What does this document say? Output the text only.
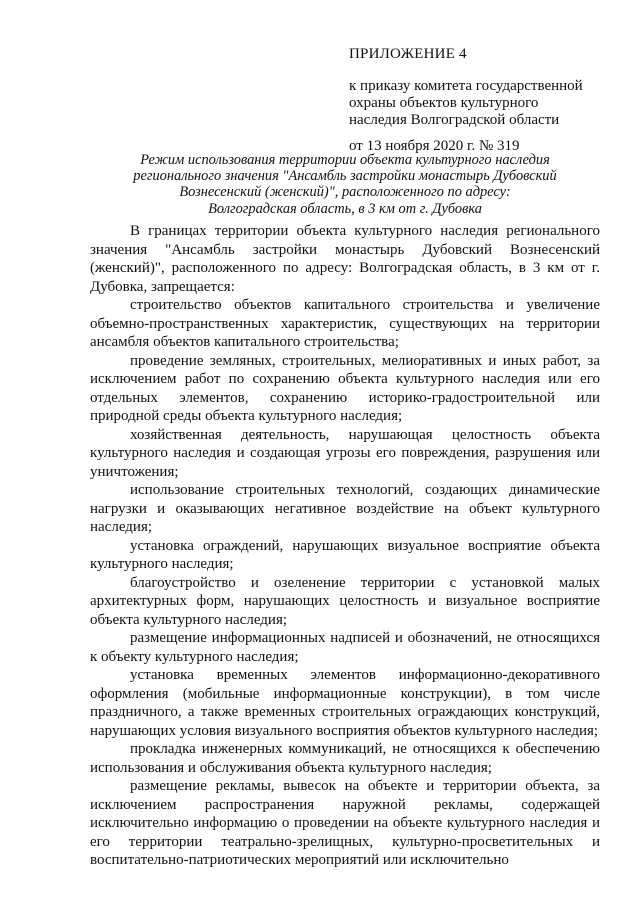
ПРИЛОЖЕНИЕ 4
к приказу комитета государственной
охраны объектов культурного
наследия Волгоградской области
от 13 ноября 2020 г. № 319
Режим использования территории объекта культурного наследия
регионального значения "Ансамбль застройки монастырь Дубовский
Вознесенский (женский)", расположенного по адресу:
Волгоградская область, в 3 км от г. Дубовка

В границах территории объекта культурного наследия регионального значения "Ансамбль застройки монастырь Дубовский Вознесенский (женский)", расположенного по адресу: Волгоградская область, в 3 км от г. Дубовка, запрещается:

строительство объектов капитального строительства и увеличение объемно-пространственных характеристик, существующих на территории ансамбля объектов капитального строительства;

проведение земляных, строительных, мелиоративных и иных работ, за исключением работ по сохранению объекта культурного наследия или его отдельных элементов, сохранению историко-градостроительной или природной среды объекта культурного наследия;

хозяйственная деятельность, нарушающая целостность объекта культурного наследия и создающая угрозы его повреждения, разрушения или уничтожения;

использование строительных технологий, создающих динамические нагрузки и оказывающих негативное воздействие на объект культурного наследия;

установка ограждений, нарушающих визуальное восприятие объекта культурного наследия;

благоустройство и озеленение территории с установкой малых архитектурных форм, нарушающих целостность и визуальное восприятие объекта культурного наследия;

размещение информационных надписей и обозначений, не относящихся к объекту культурного наследия;

установка временных элементов информационно-декоративного оформления (мобильные информационные конструкции), в том числе праздничного, а также временных строительных ограждающих конструкций, нарушающих условия визуального восприятия объектов культурного наследия;

прокладка инженерных коммуникаций, не относящихся к обеспечению использования и обслуживания объекта культурного наследия;

размещение рекламы, вывесок на объекте и территории объекта, за исключением распространения наружной рекламы, содержащей исключительно информацию о проведении на объекте культурного наследия и его территории театрально-зрелищных, культурно-просветительных и воспитательно-патриотических мероприятий или исключительно
